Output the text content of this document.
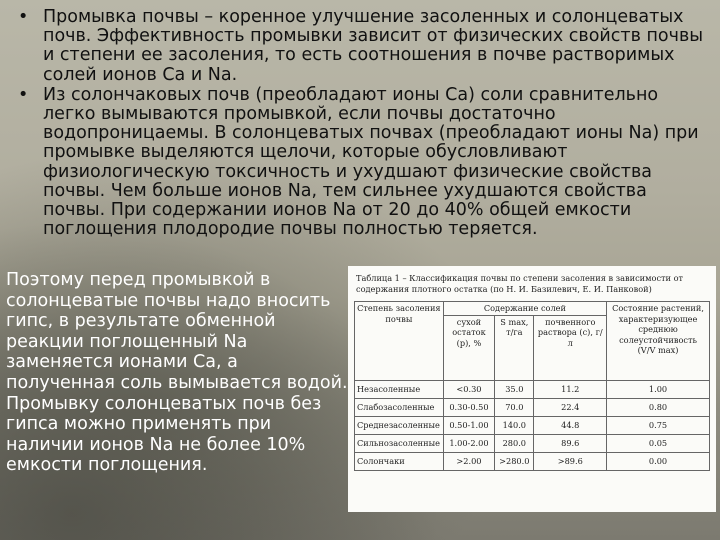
• Промывка почвы – коренное улучшение засоленных и солонцеватых почв. Эффективность промывки зависит от физических свойств почвы и степени ее засоления, то есть соотношения в почве растворимых солей ионов Ca и Na.
• Из солончаковых почв (преобладают ионы Ca) соли сравнительно легко вымываются промывкой, если почвы достаточно водопроницаемы. В солонцеватых почвах (преобладают ионы Na) при промывке выделяются щелочи, которые обусловливают физиологическую токсичность и ухудшают физические свойства почвы. Чем больше ионов Na, тем сильнее ухудшаются свойства почвы. При содержании ионов Na от 20 до 40% общей емкости поглощения плодородие почвы полностью теряется.
Поэтому перед промывкой в
солонцеватые почвы надо вносить
гипс, в результате обменной
реакции поглощенный Na
заменяется ионами Ca, а
полученная соль вымывается водой.
Промывку солонцеватых почв без
гипса можно применять при
наличии ионов Na не более 10%
емкости поглощения.
Таблица 1 – Классификация почвы по степени засоления в зависимости от содержания плотного остатка (по Н. И. Базилевич, Е. И. Панковой)
Степень засоления почвы	Содержание солей			Состояние растений, характеризующее среднюю солеустойчивость (V/V max)
	сухой остаток (p), %	S max, т/га	почвенного раствора (c), г/л	
Незасоленные	<0.30	35.0	11.2	1.00
Слабозасоленные	0.30-0.50	70.0	22.4	0.80
Среднезасоленные	0.50-1.00	140.0	44.8	0.75
Сильнозасоленные	1.00-2.00	280.0	89.6	0.05
Солончаки	>2.00	>280.0	>89.6	0.00
